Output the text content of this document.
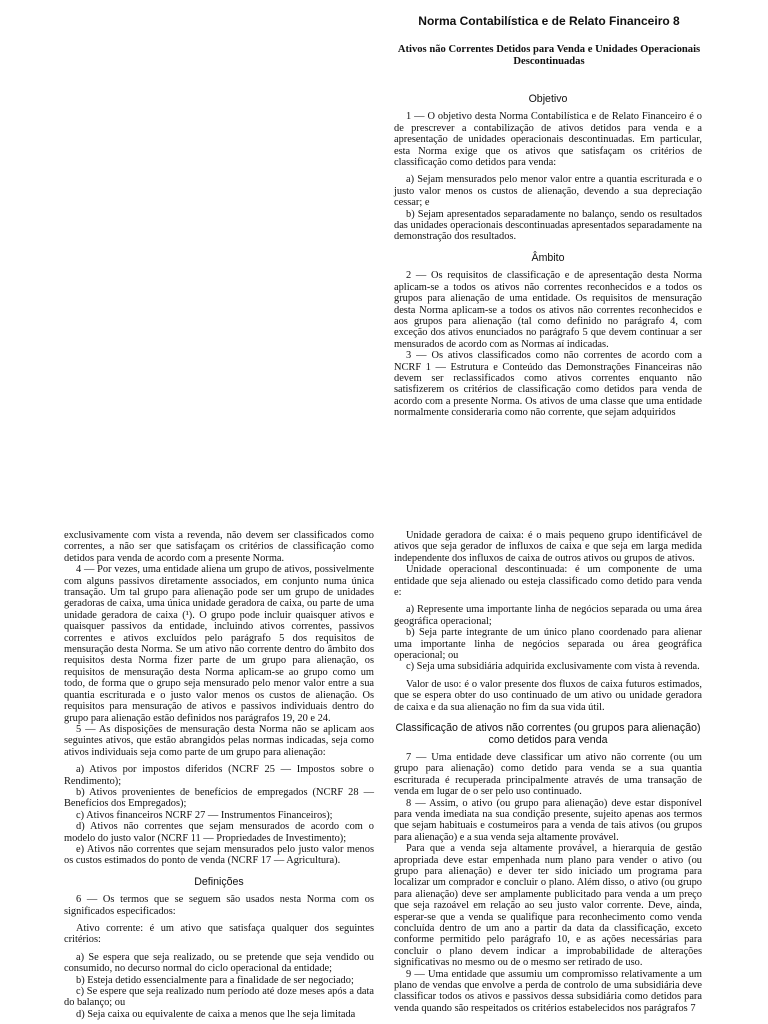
Norma Contabilística e de Relato Financeiro 8
Ativos não Correntes Detidos para Venda e Unidades Operacionais Descontinuadas

Objetivo

1 — O objetivo desta Norma Contabilística e de Relato Financeiro é o de prescrever a contabilização de ativos detidos para venda e a apresentação de unidades operacionais descontinuadas. Em particular, esta Norma exige que os ativos que satisfaçam os critérios de classificação como detidos para venda:

a) Sejam mensurados pelo menor valor entre a quantia escriturada e o justo valor menos os custos de alienação, devendo a sua depreciação cessar; e

b) Sejam apresentados separadamente no balanço, sendo os resultados das unidades operacionais descontinuadas apresentados separadamente na demonstração dos resultados.

Âmbito

2 — Os requisitos de classificação e de apresentação desta Norma aplicam-se a todos os ativos não correntes reconhecidos e a todos os grupos para alienação de uma entidade. Os requisitos de mensuração desta Norma aplicam-se a todos os ativos não correntes reconhecidos e aos grupos para alienação (tal como definido no parágrafo 4, com exceção dos ativos enunciados no parágrafo 5 que devem continuar a ser mensurados de acordo com as Normas aí indicadas.

3 — Os ativos classificados como não correntes de acordo com a NCRF 1 — Estrutura e Conteúdo das Demonstrações Financeiras não devem ser reclassificados como ativos correntes enquanto não satisfizerem os critérios de classificação como detidos para venda de acordo com a presente Norma. Os ativos de uma classe que uma entidade normalmente consideraria como não corrente, que sejam adquiridos

exclusivamente com vista a revenda, não devem ser classificados como correntes, a não ser que satisfaçam os critérios de classificação como detidos para venda de acordo com a presente Norma.

4 — Por vezes, uma entidade aliena um grupo de ativos, possivelmente com alguns passivos diretamente associados, em conjunto numa única transação. Um tal grupo para alienação pode ser um grupo de unidades geradoras de caixa, uma única unidade geradora de caixa, ou parte de uma unidade geradora de caixa (¹). O grupo pode incluir quaisquer ativos e quaisquer passivos da entidade, incluindo ativos correntes, passivos correntes e ativos excluídos pelo parágrafo 5 dos requisitos de mensuração desta Norma. Se um ativo não corrente dentro do âmbito dos requisitos desta Norma fizer parte de um grupo para alienação, os requisitos de mensuração desta Norma aplicam-se ao grupo como um todo, de forma que o grupo seja mensurado pelo menor valor entre a sua quantia escriturada e o justo valor menos os custos de alienação. Os requisitos para mensuração de ativos e passivos individuais dentro do grupo para alienação estão definidos nos parágrafos 19, 20 e 24.

5 — As disposições de mensuração desta Norma não se aplicam aos seguintes ativos, que estão abrangidos pelas normas indicadas, seja como ativos individuais seja como parte de um grupo para alienação:

a) Ativos por impostos diferidos (NCRF 25 — Impostos sobre o Rendimento);

b) Ativos provenientes de benefícios de empregados (NCRF 28 — Benefícios dos Empregados);

c) Ativos financeiros NCRF 27 — Instrumentos Financeiros);

d) Ativos não correntes que sejam mensurados de acordo com o modelo do justo valor (NCRF 11 — Propriedades de Investimento);

e) Ativos não correntes que sejam mensurados pelo justo valor menos os custos estimados do ponto de venda (NCRF 17 — Agricultura).

Definições

6 — Os termos que se seguem são usados nesta Norma com os significados especificados:

Ativo corrente: é um ativo que satisfaça qualquer dos seguintes critérios:

a) Se espera que seja realizado, ou se pretende que seja vendido ou consumido, no decurso normal do ciclo operacional da entidade;

b) Esteja detido essencialmente para a finalidade de ser negociado;

c) Se espere que seja realizado num período até doze meses após a data do balanço; ou

d) Seja caixa ou equivalente de caixa a menos que lhe seja limitada

Unidade geradora de caixa: é o mais pequeno grupo identificável de ativos que seja gerador de influxos de caixa e que seja em larga medida independente dos influxos de caixa de outros ativos ou grupos de ativos.

Unidade operacional descontinuada: é um componente de uma entidade que seja alienado ou esteja classificado como detido para venda e:

a) Represente uma importante linha de negócios separada ou uma área geográfica operacional;

b) Seja parte integrante de um único plano coordenado para alienar uma importante linha de negócios separada ou área geográfica operacional; ou

c) Seja uma subsidiária adquirida exclusivamente com vista à revenda.

Valor de uso: é o valor presente dos fluxos de caixa futuros estimados, que se espera obter do uso continuado de um ativo ou unidade geradora de caixa e da sua alienação no fim da sua vida útil.

Classificação de ativos não correntes (ou grupos para alienação) como detidos para venda

7 — Uma entidade deve classificar um ativo não corrente (ou um grupo para alienação) como detido para venda se a sua quantia escriturada é recuperada principalmente através de uma transação de venda em lugar de o ser pelo uso continuado.

8 — Assim, o ativo (ou grupo para alienação) deve estar disponível para venda imediata na sua condição presente, sujeito apenas aos termos que sejam habituais e costumeiros para a venda de tais ativos (ou grupos para alienação) e a sua venda seja altamente provável.

Para que a venda seja altamente provável, a hierarquia de gestão apropriada deve estar empenhada num plano para vender o ativo (ou grupo para alienação) e dever ter sido iniciado um programa para localizar um comprador e concluir o plano. Além disso, o ativo (ou grupo para alienação) deve ser amplamente publicitado para venda a um preço que seja razoável em relação ao seu justo valor corrente. Deve, ainda, esperar-se que a venda se qualifique para reconhecimento como venda concluída dentro de um ano a partir da data da classificação, exceto conforme permitido pelo parágrafo 10, e as ações necessárias para concluir o plano devem indicar a improbabilidade de alterações significativas no mesmo ou de o mesmo ser retirado de uso.

9 — Uma entidade que assumiu um compromisso relativamente a um plano de vendas que envolve a perda de controlo de uma subsidiária deve classificar todos os ativos e passivos dessa subsidiária como detidos para venda quando são respeitados os critérios estabelecidos nos parágrafos 7
